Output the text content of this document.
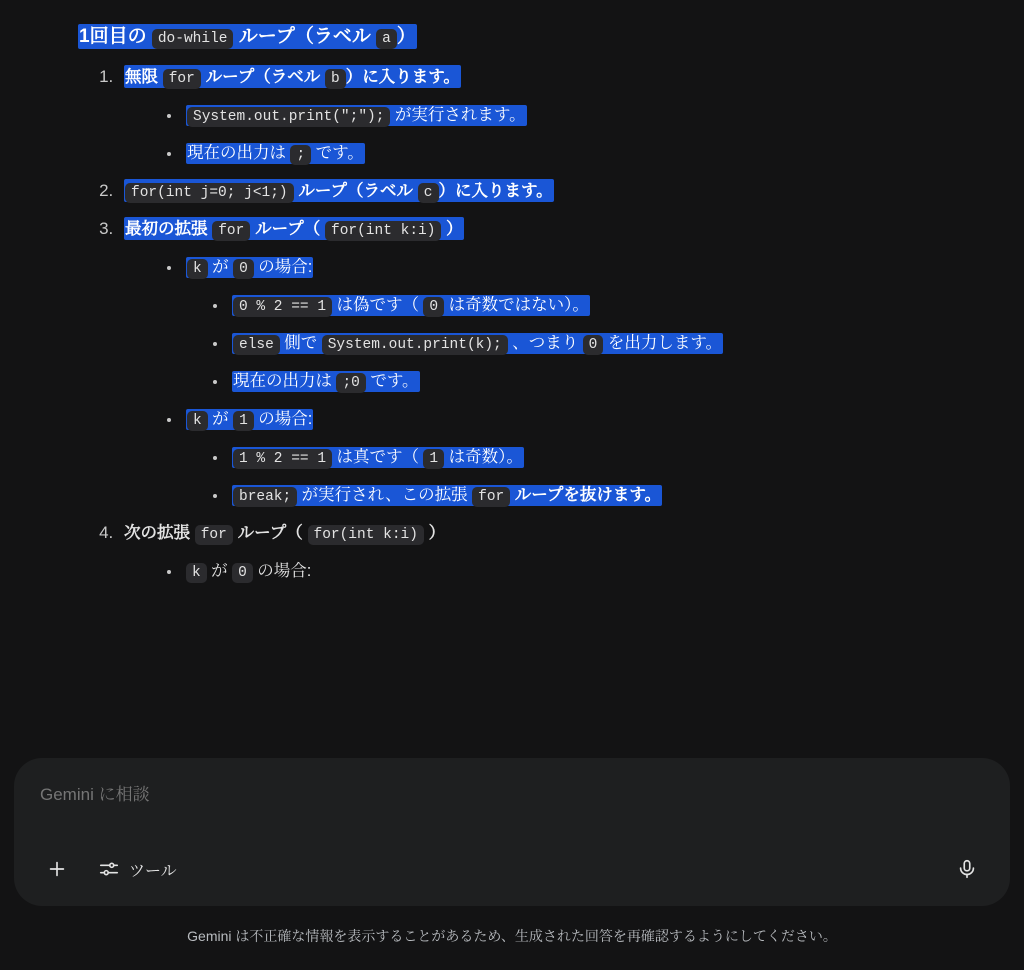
1回目の do-while ループ（ラベル a ）
1. 無限 for ループ（ラベル b ）に入ります。
• System.out.print(";"); が実行されます。
• 現在の出力は ; です。
2. for(int j=0; j<1;) ループ（ラベル c ）に入ります。
3. 最初の拡張 for ループ（ for(int k:i) ）
• k が 0 の場合:
• 0 % 2 == 1 は偽です（ 0 は奇数ではない）。
• else 側で System.out.print(k); 、つまり 0 を出力します。
• 現在の出力は ;0 です。
• k が 1 の場合:
• 1 % 2 == 1 は真です（ 1 は奇数）。
• break; が実行され、この拡張 for ループを抜けます。
4. 次の拡張 for ループ（ for(int k:i) ）
• k が 0 の場合:
Gemini に相談
ツール
Gemini は不正確な情報を表示することがあるため、生成された回答を再確認するようにしてください。
